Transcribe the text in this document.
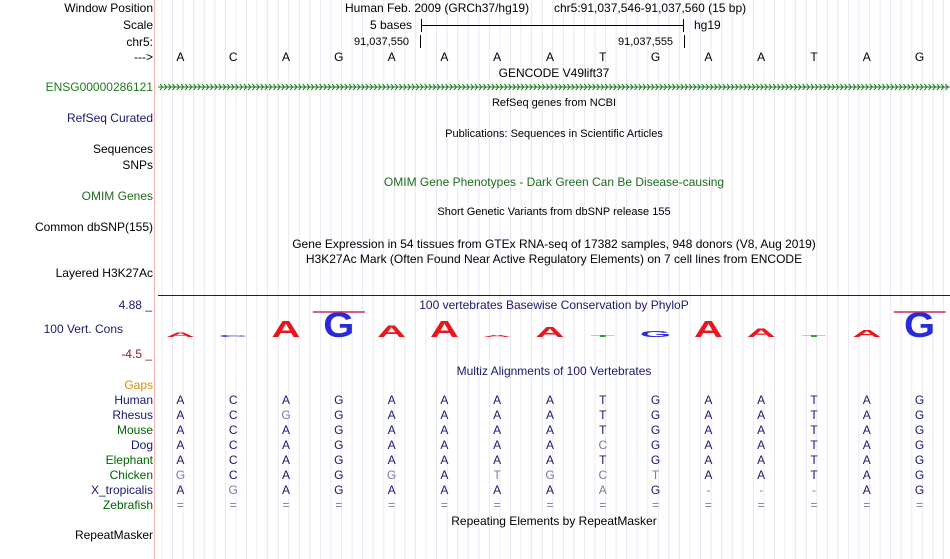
Window Position	Human Feb. 2009 (GRCh37/hg19) chr5:91,037,546-91,037,560 (15 bp)
Scale	5 bases	hg19
chr5:	91,037,550	91,037,555
--->	A	C	A	G	A	A	A	A	T	G	A	A	T	A	G
GENCODE V49lift37
ENSG00000286121
RefSeq genes from NCBI
RefSeq Curated
Publications: Sequences in Scientific Articles
Sequences
SNPs
OMIM Gene Phenotypes - Dark Green Can Be Disease-causing
OMIM Genes
Short Genetic Variants from dbSNP release 155
Common dbSNP(155)
Gene Expression in 54 tissues from GTEx RNA-seq of 17382 samples, 948 donors (V8, Aug 2019)
H3K27Ac Mark (Often Found Near Active Regulatory Elements) on 7 cell lines from ENCODE
Layered H3K27Ac
100 vertebrates Basewise Conservation by PhyloP
4.88 _
100 Vert. Cons
-4.5 _
A C A G A A A A T G A A T A G
Multiz Alignments of 100 Vertebrates
Gaps
Human	A	C	A	G	A	A	A	A	T	G	A	A	T	A	G
Rhesus	A	C	G	G	A	A	A	A	T	G	A	A	T	A	G
Mouse	A	C	A	G	A	A	A	A	T	G	A	A	T	A	G
Dog	A	C	A	G	A	A	A	A	C	G	A	A	T	A	G
Elephant	A	C	A	G	A	A	A	A	T	G	A	A	T	A	G
Chicken	G	C	A	G	G	A	T	G	C	T	A	A	T	A	G
X_tropicalis	A	G	A	G	A	A	A	A	A	G	-	-	-	A	G
Zebrafish	=	=	=	=	=	=	=	=	=	=	=	=	=	=	=
Repeating Elements by RepeatMasker
RepeatMasker
